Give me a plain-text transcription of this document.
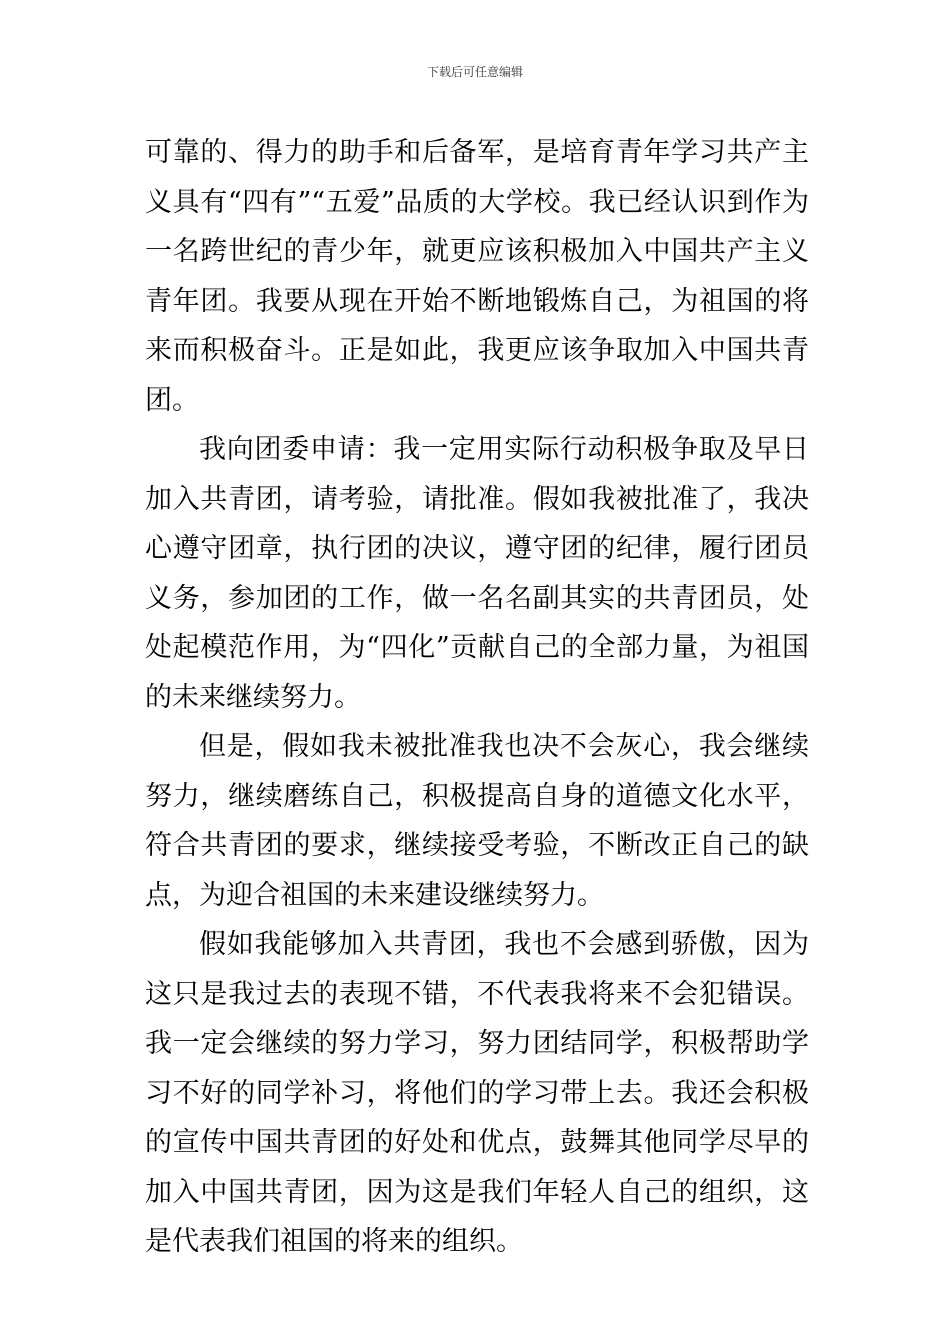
下载后可任意编辑

可靠的、得力的助手和后备军，是培育青年学习共产主义具有“四有”“五爱”品质的大学校。我已经认识到作为一名跨世纪的青少年，就更应该积极加入中国共产主义青年团。我要从现在开始不断地锻炼自己，为祖国的将来而积极奋斗。正是如此，我更应该争取加入中国共青团。

我向团委申请：我一定用实际行动积极争取及早日加入共青团，请考验，请批准。假如我被批准了，我决心遵守团章，执行团的决议，遵守团的纪律，履行团员义务，参加团的工作，做一名名副其实的共青团员，处处起模范作用，为“四化”贡献自己的全部力量，为祖国的未来继续努力。

但是，假如我未被批准我也决不会灰心，我会继续努力，继续磨练自己，积极提高自身的道德文化水平，符合共青团的要求，继续接受考验，不断改正自己的缺点，为迎合祖国的未来建设继续努力。

假如我能够加入共青团，我也不会感到骄傲，因为这只是我过去的表现不错，不代表我将来不会犯错误。我一定会继续的努力学习，努力团结同学，积极帮助学习不好的同学补习，将他们的学习带上去。我还会积极的宣传中国共青团的好处和优点，鼓舞其他同学尽早的加入中国共青团，因为这是我们年轻人自己的组织，这是代表我们祖国的将来的组织。
